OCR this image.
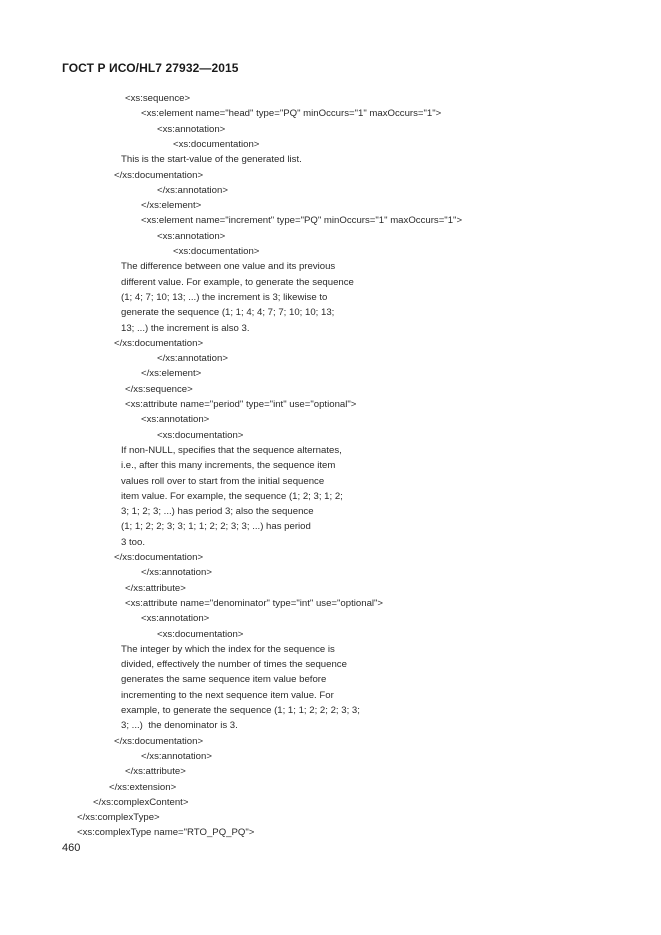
ГОСТ Р ИСО/HL7 27932—2015
<xs:sequence>
<xs:element name="head" type="PQ" minOccurs="1" maxOccurs="1">
<xs:annotation>
<xs:documentation>
This is the start-value of the generated list.
</xs:documentation>
</xs:annotation>
</xs:element>
<xs:element name="increment" type="PQ" minOccurs="1" maxOccurs="1">
<xs:annotation>
<xs:documentation>
The difference between one value and its previous
different value. For example, to generate the sequence
(1; 4; 7; 10; 13; ...) the increment is 3; likewise to
generate the sequence (1; 1; 4; 4; 7; 7; 10; 10; 13;
13; ...) the increment is also 3.
</xs:documentation>
</xs:annotation>
</xs:element>
</xs:sequence>
<xs:attribute name="period" type="int" use="optional">
<xs:annotation>
<xs:documentation>
If non-NULL, specifies that the sequence alternates,
i.e., after this many increments, the sequence item
values roll over to start from the initial sequence
item value. For example, the sequence (1; 2; 3; 1; 2;
3; 1; 2; 3; ...) has period 3; also the sequence
(1; 1; 2; 2; 3; 3; 1; 1; 2; 2; 3; 3; ...) has period
3 too.
</xs:documentation>
</xs:annotation>
</xs:attribute>
<xs:attribute name="denominator" type="int" use="optional">
<xs:annotation>
<xs:documentation>
The integer by which the index for the sequence is
divided, effectively the number of times the sequence
generates the same sequence item value before
incrementing to the next sequence item value. For
example, to generate the sequence (1; 1; 1; 2; 2; 2; 3; 3;
3; ...)  the denominator is 3.
</xs:documentation>
</xs:annotation>
</xs:attribute>
</xs:extension>
</xs:complexContent>
</xs:complexType>
<xs:complexType name="RTO_PQ_PQ">
460
